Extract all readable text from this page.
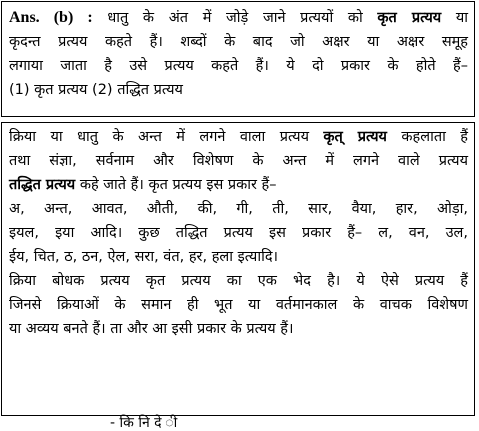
Ans. (b) : धातु के अंत में जोड़े जाने प्रत्ययों को कृत प्रत्यय या
कृदन्त प्रत्यय कहते हैं। शब्दों के बाद जो अक्षर या अक्षर समूह
लगाया जाता है उसे प्रत्यय कहते हैं। ये दो प्रकार के होते हैं–
(1) कृत प्रत्यय (2) तद्धित प्रत्यय
क्रिया या धातु के अन्त में लगने वाला प्रत्यय कृत् प्रत्यय कहलाता हैं
तथा संज्ञा, सर्वनाम और विशेषण के अन्त में लगने वाले प्रत्यय
तद्धित प्रत्यय कहे जाते हैं। कृत प्रत्यय इस प्रकार हैं–
अ, अन्त, आवत, औती, की, गी, ती, सार, वैया, हार, ओड़ा,
इयल, इया आदि। कुछ तद्धित प्रत्यय इस प्रकार हैं– ल, वन, उल,
ईय, चित, ठ, ठन, ऐल, सरा, वंत, हर, हला इत्यादि।
क्रिया बोधक प्रत्यय कृत प्रत्यय का एक भेद है। ये ऐसे प्रत्यय हैं
जिनसे क्रियाओं के समान ही भूत या वर्तमानकाल के वाचक विशेषण
या अव्यय बनते हैं। ता और आ इसी प्रकार के प्रत्यय हैं।
- कि नि दे ी
